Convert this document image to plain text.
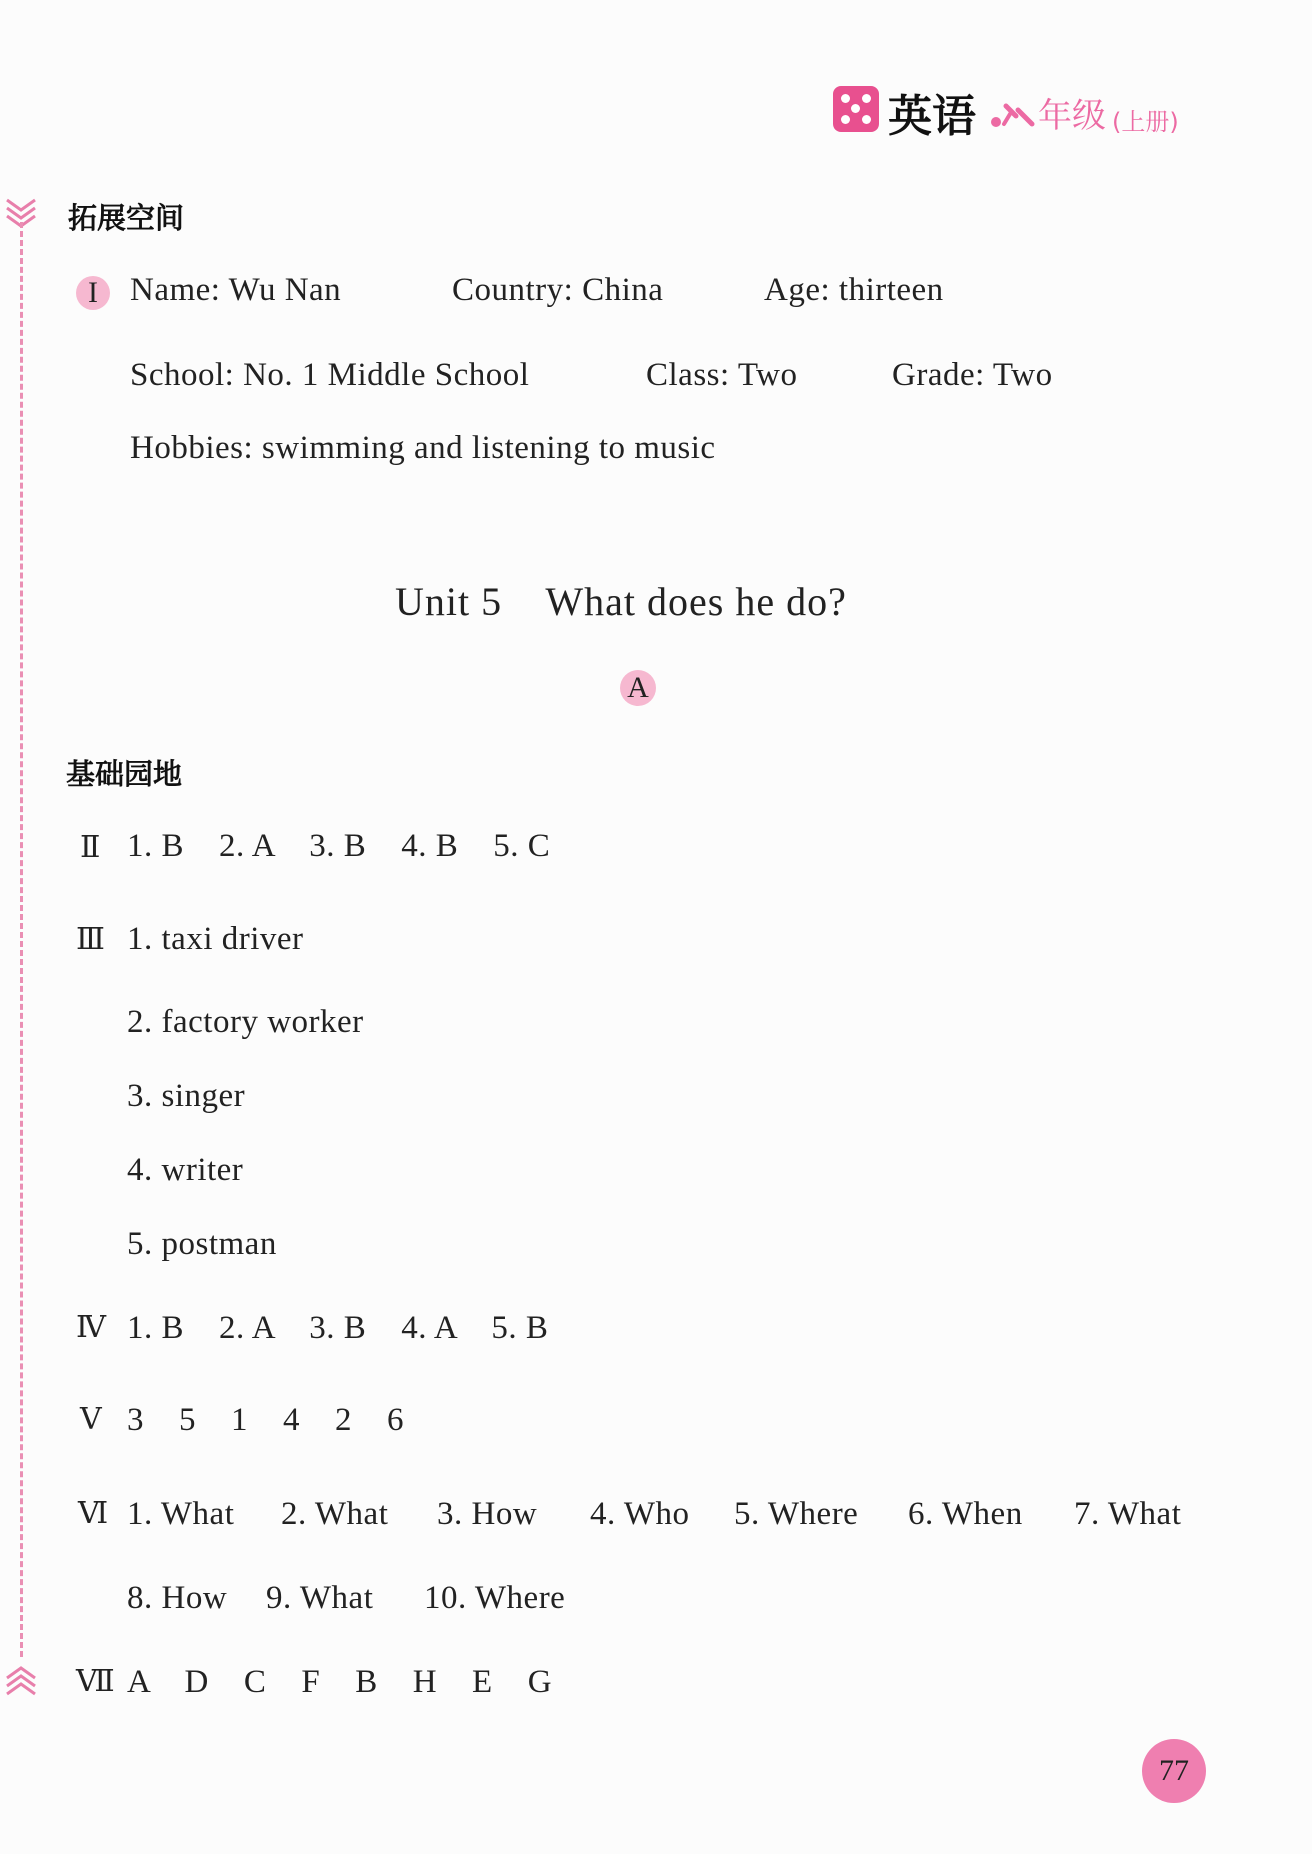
英语 年级 (上册)
拓展空间
I Name: Wu Nan	Country: China	Age: thirteen
School: No. 1 Middle School	Class: Two	Grade: Two
Hobbies: swimming and listening to music
Unit 5    What does he do?
A
基础园地
Ⅱ 1. B    2. A    3. B    4. B    5. C
Ⅲ 1. taxi driver
2. factory worker
3. singer
4. writer
5. postman
Ⅳ 1. B    2. A    3. B    4. A    5. B
Ⅴ 3    5    1    4    2    6
Ⅵ 1. What 2. What 3. How 4. Who 5. Where 6. When 7. What
8. How 9. What 10. Where
Ⅶ A    D    C    F    B    H    E    G
77
